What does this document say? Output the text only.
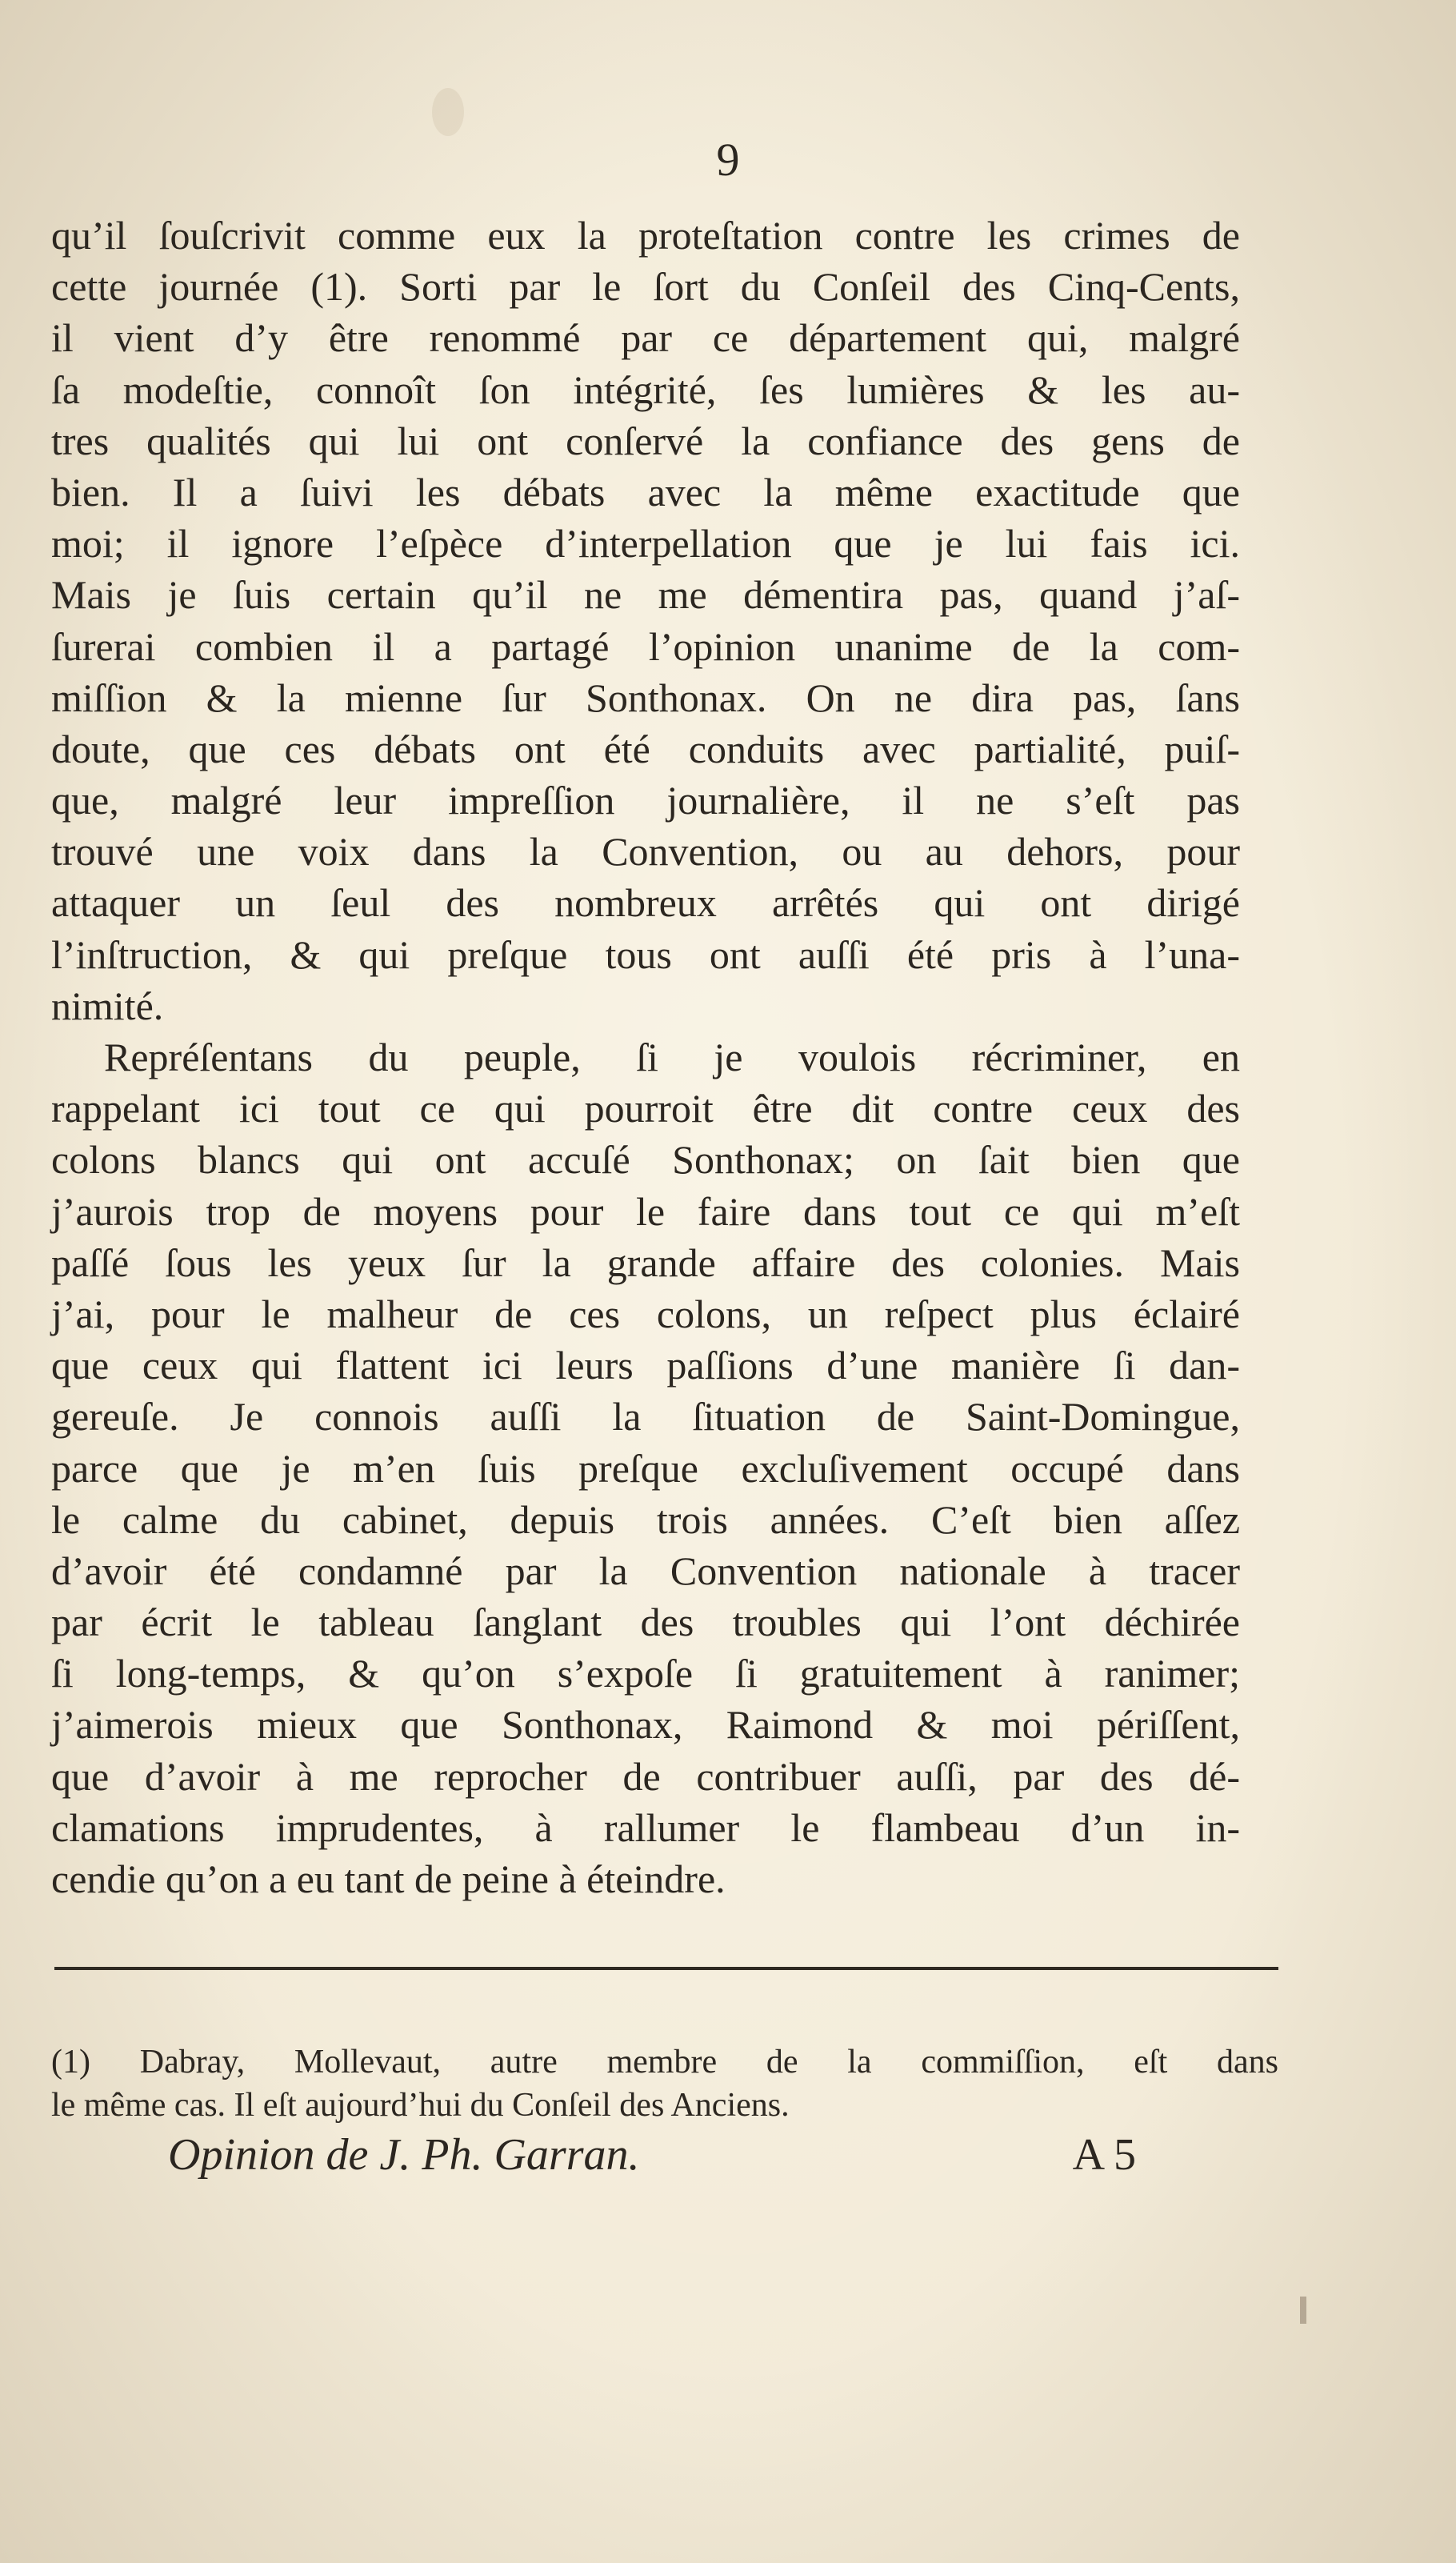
9
qu’il ſouſcrivit comme eux la proteſtation contre les crimes de
cette journée (1). Sorti par le ſort du Conſeil des Cinq-Cents,
il vient d’y être renommé par ce département qui, malgré
ſa modeſtie, connoît ſon intégrité, ſes lumières & les au-
tres qualités qui lui ont conſervé la confiance des gens de
bien. Il a ſuivi les débats avec la même exactitude que
moi; il ignore l’eſpèce d’interpellation que je lui fais ici.
Mais je ſuis certain qu’il ne me démentira pas, quand j’aſ-
ſurerai combien il a partagé l’opinion unanime de la com-
miſſion & la mienne ſur Sonthonax. On ne dira pas, ſans
doute, que ces débats ont été conduits avec partialité, puiſ-
que, malgré leur impreſſion journalière, il ne s’eſt pas
trouvé une voix dans la Convention, ou au dehors, pour
attaquer un ſeul des nombreux arrêtés qui ont dirigé
l’inſtruction, & qui preſque tous ont auſſi été pris à l’una-
nimité.
Repréſentans du peuple, ſi je voulois récriminer, en
rappelant ici tout ce qui pourroit être dit contre ceux des
colons blancs qui ont accuſé Sonthonax; on ſait bien que
j’aurois trop de moyens pour le faire dans tout ce qui m’eſt
paſſé ſous les yeux ſur la grande affaire des colonies. Mais
j’ai, pour le malheur de ces colons, un reſpect plus éclairé
que ceux qui flattent ici leurs paſſions d’une manière ſi dan-
gereuſe. Je connois auſſi la ſituation de Saint-Domingue,
parce que je m’en ſuis preſque excluſivement occupé dans
le calme du cabinet, depuis trois années. C’eſt bien aſſez
d’avoir été condamné par la Convention nationale à tracer
par écrit le tableau ſanglant des troubles qui l’ont déchirée
ſi long-temps, & qu’on s’expoſe ſi gratuitement à ranimer;
j’aimerois mieux que Sonthonax, Raimond & moi périſſent,
que d’avoir à me reprocher de contribuer auſſi, par des dé-
clamations imprudentes, à rallumer le flambeau d’un in-
cendie qu’on a eu tant de peine à éteindre.
(1) Dabray, Mollevaut, autre membre de la commiſſion, eſt dans
le même cas. Il eſt aujourd’hui du Conſeil des Anciens.
Opinion de J. Ph. Garran.	A 5
